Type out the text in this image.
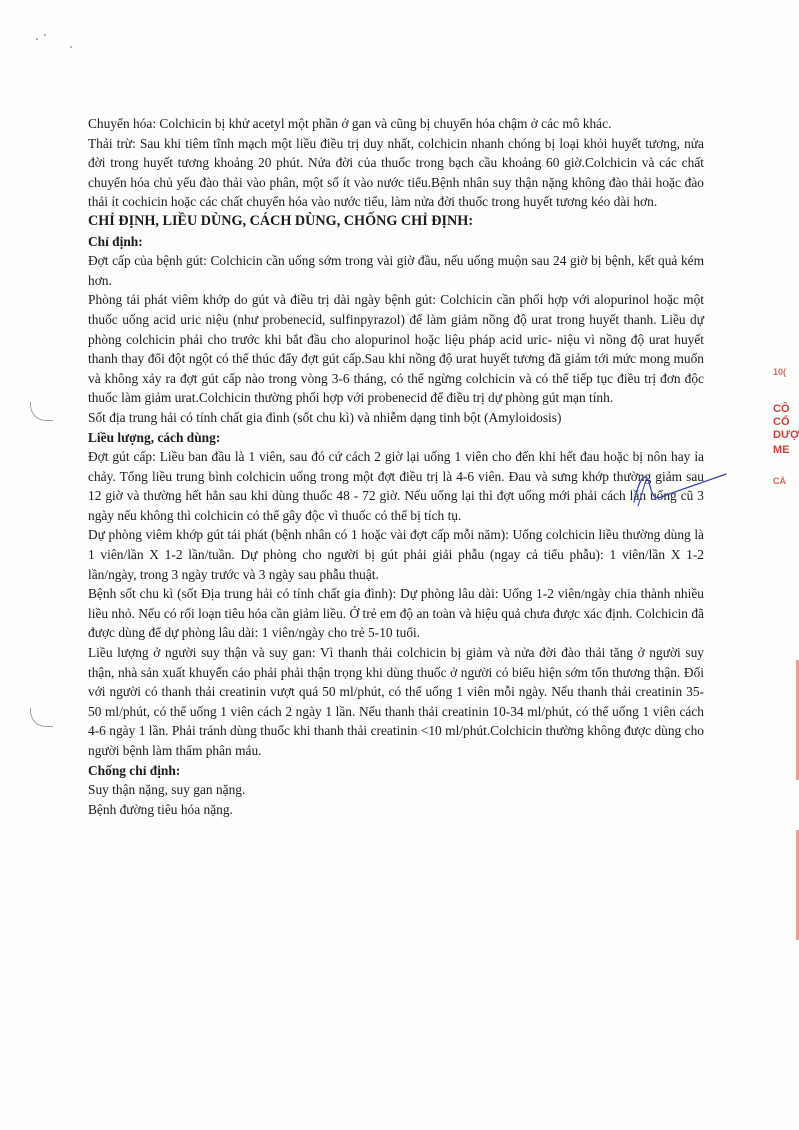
10(
CÔ
CỔ
DƯỢ
ME
CÁ

Chuyển hóa: Colchicin bị khử acetyl một phần ở gan và cũng bị chuyển hóa chậm ở các mô khác.

Thải trừ: Sau khi tiêm tĩnh mạch một liều điều trị duy nhất, colchicin nhanh chóng bị loại khỏi huyết tương, nửa đời trong huyết tương khoảng 20 phút. Nửa đời của thuốc trong bạch cầu khoảng 60 giờ.Colchicin và các chất chuyển hóa chủ yếu đào thải vào phân, một số ít vào nước tiểu.Bệnh nhân suy thận nặng không đào thải hoặc đào thải ít cochicin hoặc các chất chuyển hóa vào nước tiểu, làm nửa đời thuốc trong huyết tương kéo dài hơn.

CHỈ ĐỊNH, LIỀU DÙNG, CÁCH DÙNG, CHỐNG CHỈ ĐỊNH:
Chỉ định:

Đợt cấp của bệnh gút: Colchicin cần uống sớm trong vài giờ đầu, nếu uống muộn sau 24 giờ bị bệnh, kết quả kém hơn.

Phòng tái phát viêm khớp do gút và điều trị dài ngày bệnh gút: Colchicin cần phối hợp với alopurinol hoặc một thuốc uống acid uric niệu (như probenecid, sulfinpyrazol) để làm giảm nồng độ urat trong huyết thanh. Liều dự phòng colchicin phải cho trước khi bắt đầu cho alopurinol hoặc liệu pháp acid uric- niệu vì nồng độ urat huyết thanh thay đổi đột ngột có thể thúc đẩy đợt gút cấp.Sau khi nồng độ urat huyết tương đã giảm tới mức mong muốn và không xảy ra đợt gút cấp nào trong vòng 3-6 tháng, có thể ngừng colchicin và có thể tiếp tục điều trị đơn độc thuốc làm giảm urat.Colchicin thường phối hợp với probenecid để điều trị dự phòng gút mạn tính.

Sốt địa trung hải có tính chất gia đình (sốt chu kì) và nhiễm dạng tinh bột (Amyloidosis)

Liều lượng, cách dùng:

Đợt gút cấp: Liều ban đầu là 1 viên, sau đó cứ cách 2 giờ lại uống 1 viên cho đến khi hết đau hoặc bị nôn hay ỉa chảy. Tổng liều trung bình colchicin uống trong một đợt điều trị là 4-6 viên. Đau và sưng khớp thường giảm sau 12 giờ và thường hết hẳn sau khi dùng thuốc 48 - 72 giờ. Nếu uống lại thì đợt uống mới phải cách lần uống cũ 3 ngày nếu không thì colchicin có thể gây độc vì thuốc có thể bị tích tụ.

Dự phòng viêm khớp gút tái phát (bệnh nhân có 1 hoặc vài đợt cấp mỗi năm): Uống colchicin liều thường dùng là 1 viên/lần X 1-2 lần/tuần. Dự phòng cho người bị gút phải giải phẫu (ngay cả tiểu phẫu): 1 viên/lần X 1-2 lần/ngày, trong 3 ngày trước và 3 ngày sau phẫu thuật.

Bệnh sốt chu kì (sốt Địa trung hải có tính chất gia đình): Dự phòng lâu dài: Uống 1-2 viên/ngày chia thành nhiều liều nhỏ. Nếu có rối loạn tiêu hóa cần giảm liều. Ở trẻ em độ an toàn và hiệu quả chưa được xác định. Colchicin đã được dùng để dự phòng lâu dài: 1 viên/ngày cho trẻ 5-10 tuổi.

Liều lượng ở người suy thận và suy gan: Vì thanh thải colchicin bị giảm và nửa đời đào thải tăng ở người suy thận, nhà sản xuất khuyến cáo phải phải thận trọng khi dùng thuốc ở người có biểu hiện sớm tổn thương thận. Đối với người có thanh thải creatinin vượt quá 50 ml/phút, có thể uống 1 viên mỗi ngày. Nếu thanh thải creatinin 35-50 ml/phút, có thể uống 1 viên cách 2 ngày 1 lần. Nếu thanh thải creatinin 10-34 ml/phút, có thể uống 1 viên cách 4-6 ngày 1 lần. Phải tránh dùng thuốc khi thanh thải creatinin <10 ml/phút.Colchicin thường không được dùng cho người bệnh làm thẩm phân máu.

Chống chỉ định:

Suy thận nặng, suy gan nặng.

Bệnh đường tiêu hóa nặng.
